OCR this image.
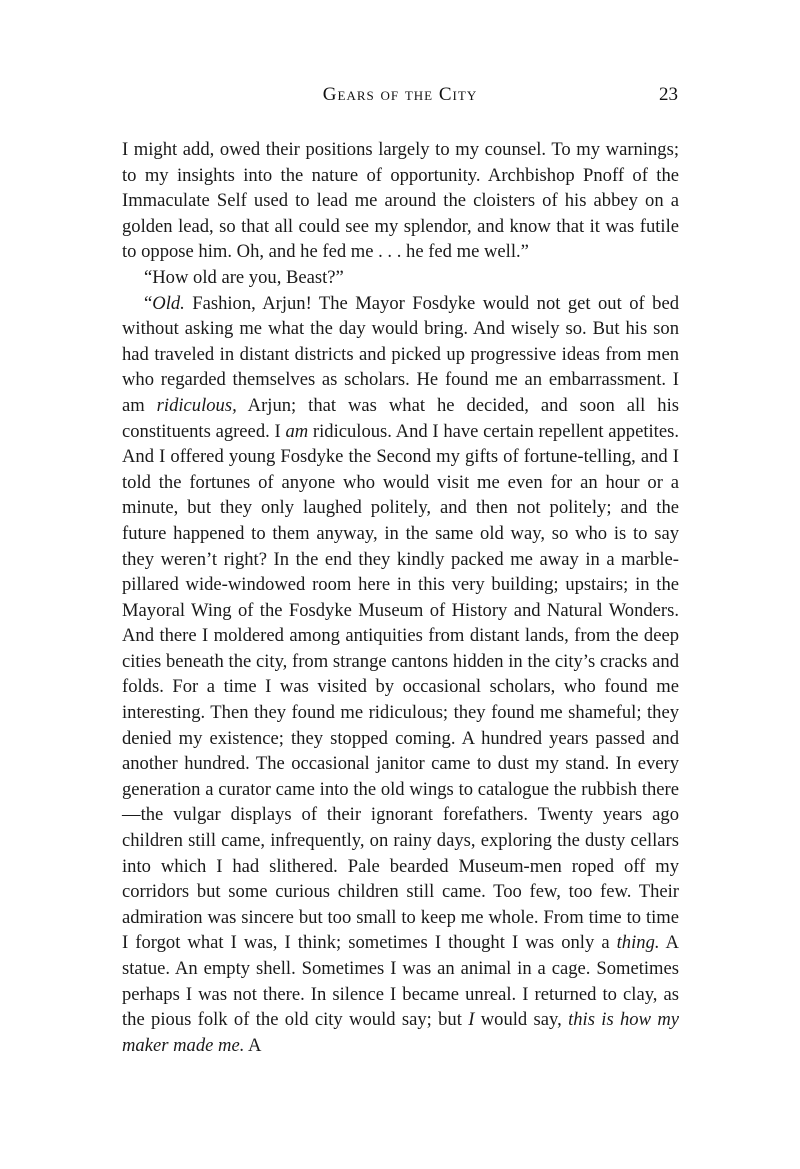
Gears of the City	23

I might add, owed their positions largely to my counsel. To my warnings; to my insights into the nature of opportunity. Archbishop Pnoff of the Immaculate Self used to lead me around the cloisters of his abbey on a golden lead, so that all could see my splendor, and know that it was futile to oppose him. Oh, and he fed me . . . he fed me well.”

“How old are you, Beast?”

“Old. Fashion, Arjun! The Mayor Fosdyke would not get out of bed without asking me what the day would bring. And wisely so. But his son had traveled in distant districts and picked up progressive ideas from men who regarded themselves as scholars. He found me an embarrassment. I am ridiculous, Arjun; that was what he decided, and soon all his constituents agreed. I am ridiculous. And I have certain repellent appetites. And I offered young Fosdyke the Second my gifts of fortune-telling, and I told the fortunes of anyone who would visit me even for an hour or a minute, but they only laughed politely, and then not politely; and the future happened to them anyway, in the same old way, so who is to say they weren’t right? In the end they kindly packed me away in a marble-pillared wide-windowed room here in this very building; upstairs; in the Mayoral Wing of the Fosdyke Museum of History and Natural Wonders. And there I moldered among antiquities from distant lands, from the deep cities beneath the city, from strange cantons hidden in the city’s cracks and folds. For a time I was visited by occasional scholars, who found me interesting. Then they found me ridiculous; they found me shameful; they denied my existence; they stopped coming. A hundred years passed and another hundred. The occasional janitor came to dust my stand. In every generation a curator came into the old wings to catalogue the rubbish there—the vulgar displays of their ignorant forefathers. Twenty years ago children still came, infrequently, on rainy days, exploring the dusty cellars into which I had slithered. Pale bearded Museum-men roped off my corridors but some curious children still came. Too few, too few. Their admiration was sincere but too small to keep me whole. From time to time I forgot what I was, I think; sometimes I thought I was only a thing. A statue. An empty shell. Sometimes I was an animal in a cage. Sometimes perhaps I was not there. In silence I became unreal. I returned to clay, as the pious folk of the old city would say; but I would say, this is how my maker made me. A
